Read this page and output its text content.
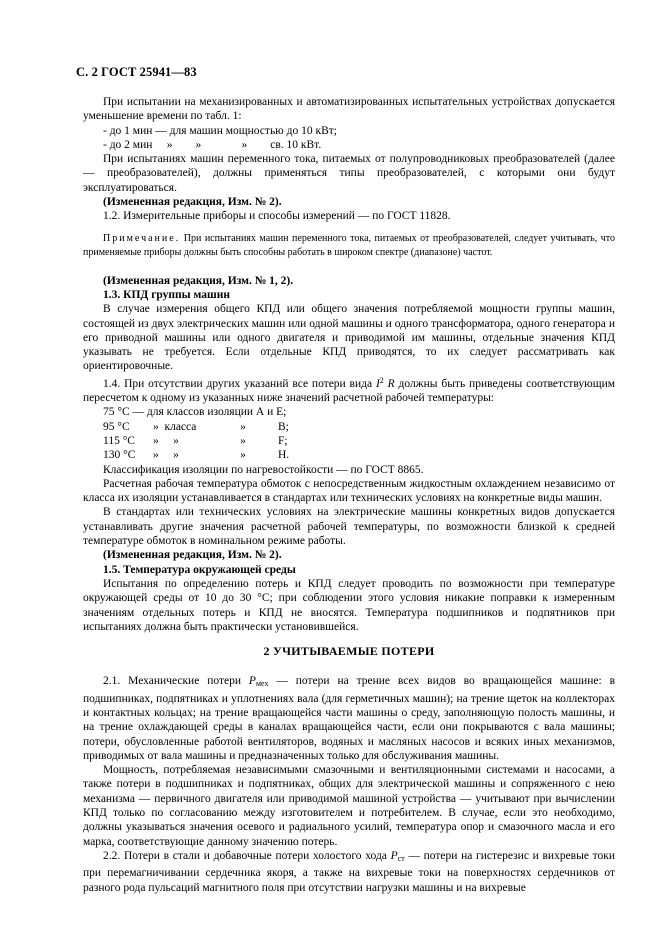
С. 2 ГОСТ 25941—83

При испытании на механизированных и автоматизированных испытательных устройствах допускается уменьшение времени по табл. 1:

- до 1 мин — для машин мощностью до 10 кВт;

- до 2 мин     »        »              »        св. 10 кВт.

При испытаниях машин переменного тока, питаемых от полупроводниковых преобразователей (далее — преобразователей), должны применяться типы преобразователей, с которыми они будут эксплуатироваться.

(Измененная редакция, Изм. № 2).

1.2. Измерительные приборы и способы измерений — по ГОСТ 11828.

Примечание. При испытаниях машин переменного тока, питаемых от преобразователей, следует учитывать, что применяемые приборы должны быть способны работать в широком спектре (диапазоне) частот.

(Измененная редакция, Изм. № 1, 2).

1.3. КПД группы машин

В случае измерения общего КПД или общего значения потребляемой мощности группы машин, состоящей из двух электрических машин или одной машины и одного трансформатора, одного генератора и его приводной машины или одного двигателя и приводимой им машины, отдельные значения КПД указывать не требуется. Если отдельные КПД приводятся, то их следует рассматривать как ориентировочные.

1.4. При отсутствии других указаний все потери вида $I^2$ R должны быть приведены соответствующим пересчетом к одному из указанных ниже значений расчетной рабочей температуры:

75 °C — для классов изоляции А и Е;
95 °C	»  класса	»	B;
115 °C	»     »	»	F;
130 °C	»     »	»	H.

Классификация изоляции по нагревостойкости — по ГОСТ 8865.

Расчетная рабочая температура обмоток с непосредственным жидкостным охлаждением независимо от класса их изоляции устанавливается в стандартах или технических условиях на конкретные виды машин.

В стандартах или технических условиях на электрические машины конкретных видов допускается устанавливать другие значения расчетной рабочей температуры, по возможности близкой к средней температуре обмоток в номинальном режиме работы.

(Измененная редакция, Изм. № 2).

1.5. Температура окружающей среды

Испытания по определению потерь и КПД следует проводить по возможности при температуре окружающей среды от 10 до 30 °C; при соблюдении этого условия никакие поправки к измеренным значениям отдельных потерь и КПД не вносятся. Температура подшипников и подпятников при испытаниях должна быть практически установившейся.

2 УЧИТЫВАЕМЫЕ ПОТЕРИ

2.1. Механические потери $P_{мех}$ — потери на трение всех видов во вращающейся машине: в подшипниках, подпятниках и уплотнениях вала (для герметичных машин); на трение щеток на коллекторах и контактных кольцах; на трение вращающейся части машины о среду, заполняющую полость машины, и на трение охлаждающей среды в каналах вращающейся части, если они покрываются с вала машины; потери, обусловленные работой вентиляторов, водяных и масляных насосов и всяких иных механизмов, приводимых от вала машины и предназначенных только для обслуживания машины.

Мощность, потребляемая независимыми смазочными и вентиляционными системами и насосами, а также потери в подшипниках и подпятниках, общих для электрической машины и сопряженного с нею механизма — первичного двигателя или приводимой машиной устройства — учитывают при вычислении КПД только по согласованию между изготовителем и потребителем. В случае, если это необходимо, должны указываться значения осевого и радиального усилий, температура опор и смазочного масла и его марка, соответствующие данному значению потерь.

2.2. Потери в стали и добавочные потери холостого хода $P_{ст}$ — потери на гистерезис и вихревые токи при перемагничивании сердечника якоря, а также на вихревые токи на поверхностях сердечников от разного рода пульсаций магнитного поля при отсутствии нагрузки машины и на вихревые
